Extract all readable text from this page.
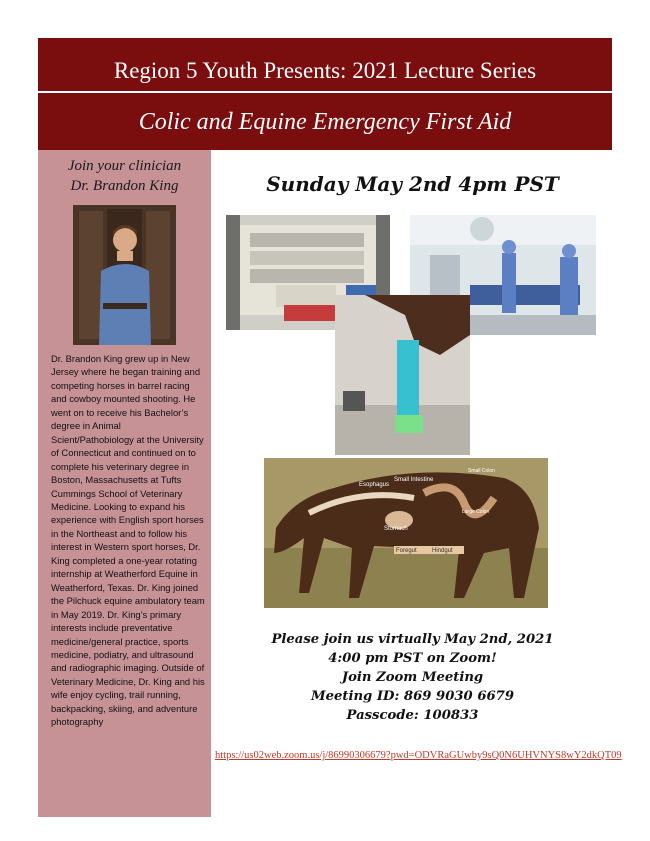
Region 5 Youth Presents: 2021 Lecture Series
Colic and Equine Emergency First Aid
Join your clinician
Dr. Brandon King
Dr. Brandon King grew up in New Jersey where he began training and competing horses in barrel racing and cowboy mounted shooting. He went on to receive his Bachelor’s degree in Animal Scient/Pathobiology at the University of Connecticut and continued on to complete his veterinary degree in Boston, Massachusetts at Tufts Cummings School of Veterinary Medicine. Looking to expand his experience with English sport horses in the Northeast and to follow his interest in Western sport horses, Dr. King completed a one-year rotating internship at Weatherford Equine in Weatherford, Texas. Dr. King joined the Pilchuck equine ambulatory team in May 2019. Dr. King’s primary interests include preventative medicine/general practice, sports medicine, podiatry, and ultrasound and radiographic imaging. Outside of Veterinary Medicine, Dr. King and his wife enjoy cycling, trail running, backpacking, skiing, and adventure photography
Sunday May 2nd 4pm PST
Esophagus
Small Intestine
Small Colon
Stomach
Large Colon
Foregut	Hindgut
Please join us virtually May 2nd, 2021
4:00 pm PST on Zoom!
Join Zoom Meeting
Meeting ID: 869 9030 6679
Passcode: 100833
https://us02web.zoom.us/j/86990306679?pwd=ODVRaGUwby9sQ0N6UHVNYS8wY2dkQT09
